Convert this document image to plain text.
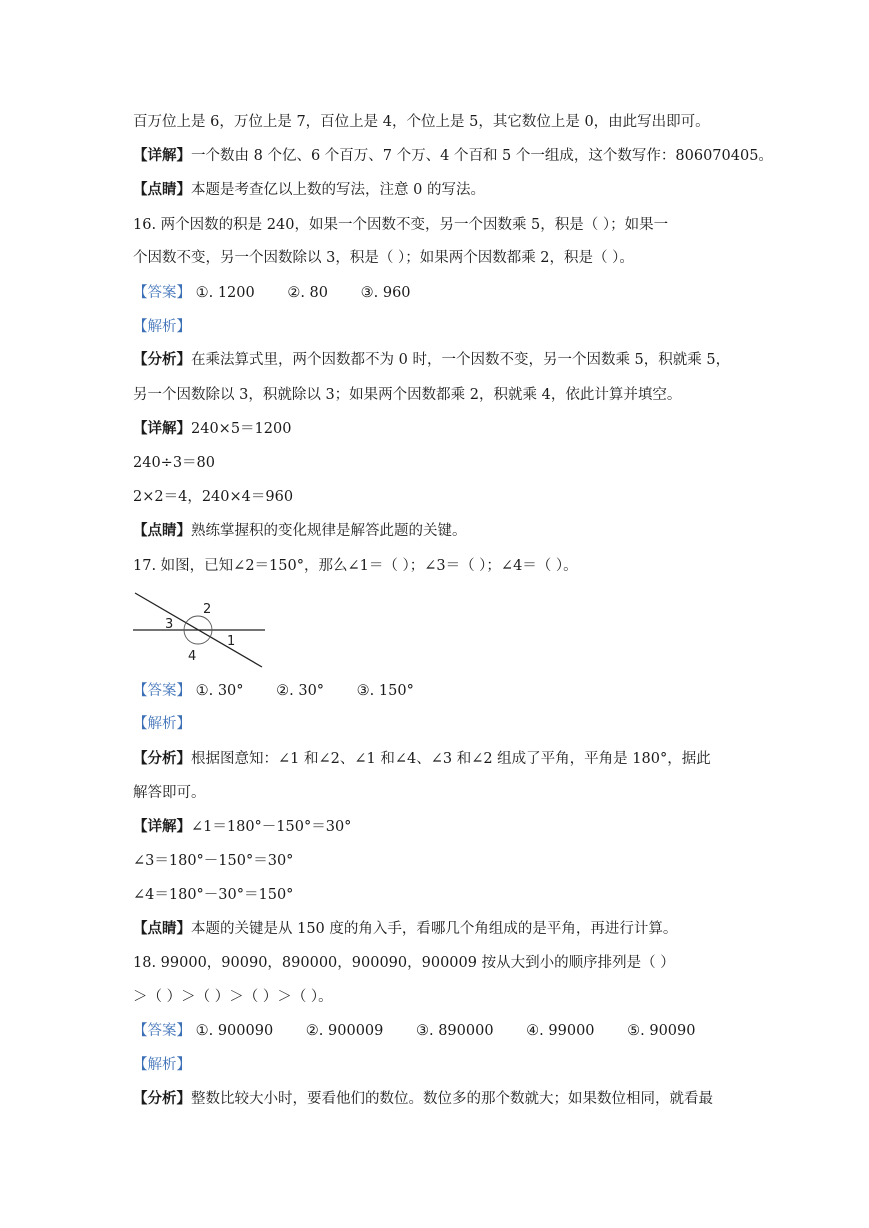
百万位上是 6，万位上是 7，百位上是 4，个位上是 5，其它数位上是 0，由此写出即可。
【详解】一个数由 8 个亿、6 个百万、7 个万、4 个百和 5 个一组成，这个数写作：806070405。
【点睛】本题是考查亿以上数的写法，注意 0 的写法。
16. 两个因数的积是 240，如果一个因数不变，另一个因数乘 5，积是（ ）；如果一
个因数不变，另一个因数除以 3，积是（ ）；如果两个因数都乘 2，积是（ ）。
【答案】 ①. 1200 ②. 80 ③. 960
【解析】
【分析】在乘法算式里，两个因数都不为 0 时，一个因数不变，另一个因数乘 5，积就乘 5，
另一个因数除以 3，积就除以 3；如果两个因数都乘 2，积就乘 4，依此计算并填空。
【详解】240×5＝1200
240÷3＝80
2×2＝4，240×4＝960
【点睛】熟练掌握积的变化规律是解答此题的关键。
17. 如图，已知∠2＝150°，那么∠1＝（ ）；∠3＝（ ）；∠4＝（ ）。
1
2
3
4
【答案】 ①. 30° ②. 30° ③. 150°
【解析】
【分析】根据图意知：∠1 和∠2、∠1 和∠4、∠3 和∠2 组成了平角，平角是 180°，据此
解答即可。
【详解】∠1＝180°－150°＝30°
∠3＝180°－150°＝30°
∠4＝180°－30°＝150°
【点睛】本题的关键是从 150 度的角入手，看哪几个角组成的是平角，再进行计算。
18. 99000，90090，890000，900090，900009 按从大到小的顺序排列是（ ）
＞（ ）＞（ ）＞（ ）＞（ ）。
【答案】 ①. 900090 ②. 900009 ③. 890000 ④. 99000 ⑤. 90090
【解析】
【分析】整数比较大小时，要看他们的数位。数位多的那个数就大；如果数位相同，就看最
